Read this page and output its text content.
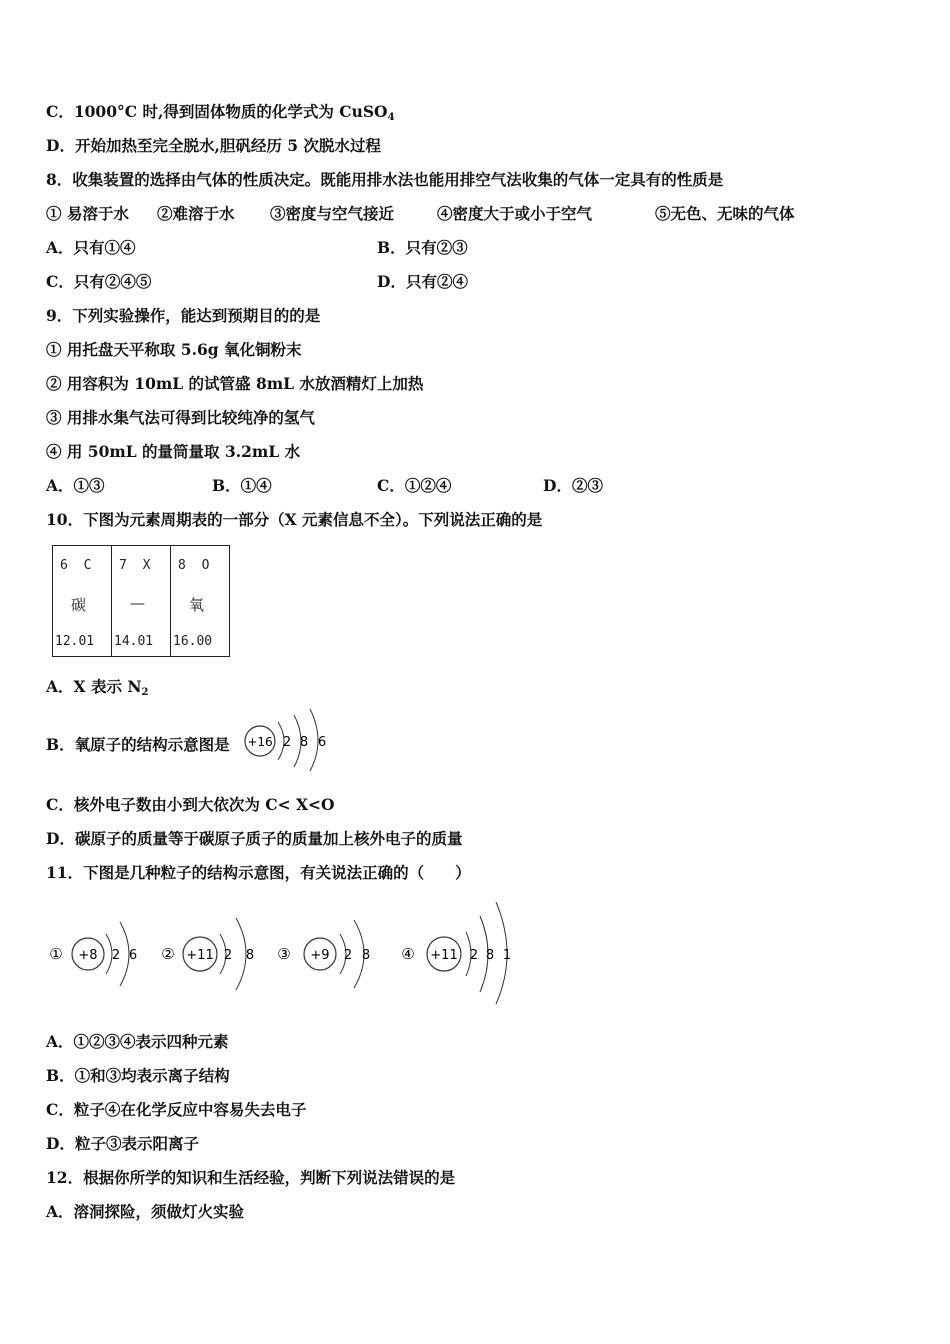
C．1000°C 时,得到固体物质的化学式为 CuSO$_4$
D．开始加热至完全脱水,胆矾经历 5 次脱水过程
8．收集装置的选择由气体的性质决定。既能用排水法也能用排空气法收集的气体一定具有的性质是
① 易溶于水 ②难溶于水 ③密度与空气接近	④密度大于或小于空气	⑤无色、无味的气体
A．只有①④	B．只有②③
C．只有②④⑤	D．只有②④
9．下列实验操作，能达到预期目的的是
① 用托盘天平称取 5.6g 氧化铜粉末
② 用容积为 10mL 的试管盛 8mL 水放酒精灯上加热
③ 用排水集气法可得到比较纯净的氢气
④ 用 50mL 的量筒量取 3.2mL 水
A．①③	B．①④	C．①②④	D．②③
10．下图为元素周期表的一部分（X 元素信息不全）。下列说法正确的是
6 C
碳
12.01
7 X
—
14.01
8 O
氧
16.00
A．X 表示 $N_2$
B．氧原子的结构示意图是 +16 2 8 6
C．核外电子数由小到大依次为 C< X<O
D．碳原子的质量等于碳原子质子的质量加上核外电子的质量
11．下图是几种粒子的结构示意图，有关说法正确的（　　）
① +8 2 6 ② +11 2 8 ③ +9 2 8 ④ +11 2 8 1
A．①②③④表示四种元素
B．①和③均表示离子结构
C．粒子④在化学反应中容易失去电子
D．粒子③表示阳离子
12．根据你所学的知识和生活经验，判断下列说法错误的是
A．溶洞探险，须做灯火实验
